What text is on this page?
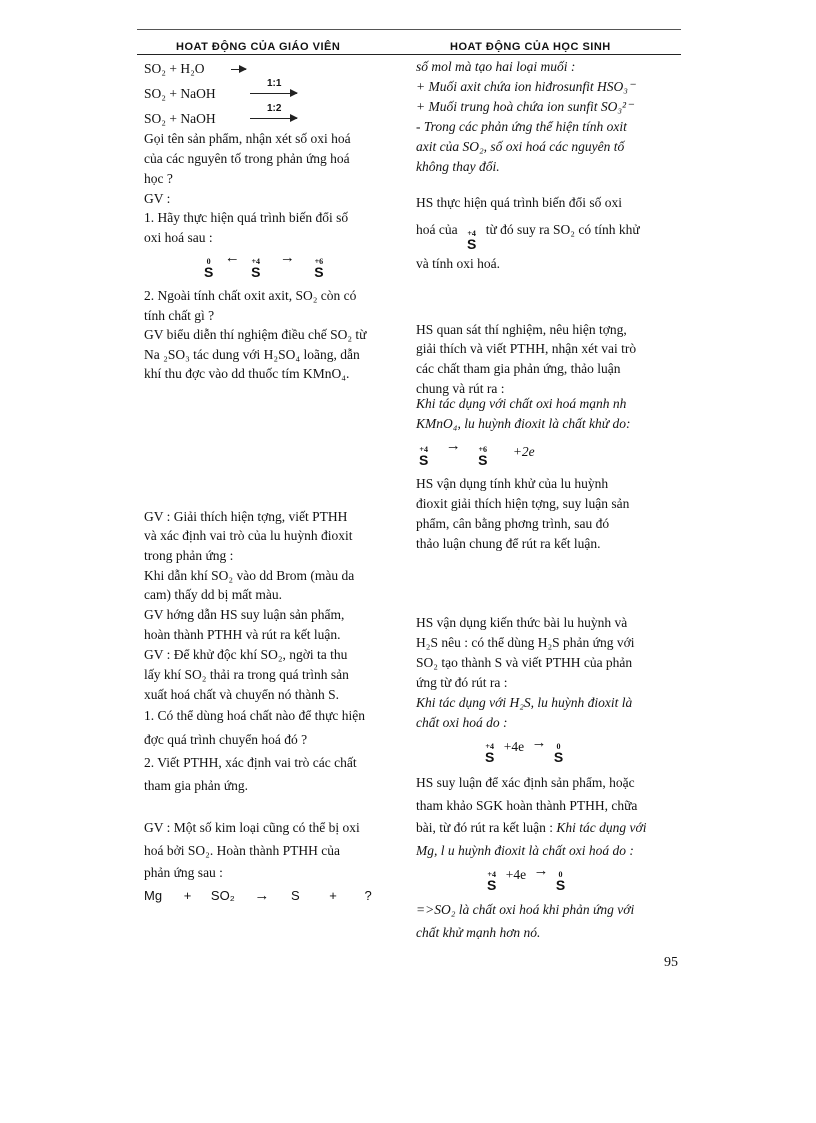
HOAT ĐỘNG CỦA GIÁO VIÊN	HOAT ĐỘNG CỦA HỌC SINH
SO₂ + H₂O
SO₂ + NaOH
1:1
SO₂ + NaOH
1:2
Gọi tên sản phẩm, nhận xét số oxi hoá
của các nguyên tố trong phản ứng hoá
học ?
GV :
1. Hãy thực hiện quá trình biến đổi số
oxi hoá sau :
0
S
← +4
S
→ +6
S
2. Ngoài tính chất oxit axit, SO₂ còn có
tính chất gì ?
GV biểu diễn thí nghiệm điều chế SO₂ từ
Na ₂SO₃ tác dung với H₂SO₄ loãng, dẫn
khí thu đợc vào dd thuốc tím KMnO₄.
GV : Giải thích hiện tợng, viết PTHH
và xác định vai trò của lu huỳnh đioxit
trong phản ứng :
Khi dẫn khí SO₂ vào dd Brom (màu da
cam) thấy dd bị mất màu.
GV hớng dẫn HS suy luận sản phẩm,
hoàn thành PTHH và rút ra kết luận.
GV : Để khử độc khí SO₂, ngời ta thu
lấy khí SO₂ thải ra trong quá trình sản
xuất hoá chất và chuyển nó thành S.
1. Có thể dùng hoá chất nào để thực hiện
đợc quá trình chuyển hoá đó ?
2. Viết PTHH, xác định vai trò các chất
tham gia phản ứng.
GV : Một số kim loại cũng có thể bị oxi
hoá bởi SO₂. Hoàn thành PTHH của
phản ứng sau :
Mg + SO₂ → S + ?
số mol mà tạo hai loại muối :
+ Muối axit chứa ion hiđrosunfit HSO₃⁻
+ Muối trung hoà chứa ion sunfit SO₃²⁻
- Trong các phản ứng thể hiện tính oxit
axit của SO₂, số oxi hoá các nguyên tố
không thay đổi.
HS thực hiện quá trình biến đổi số oxi
hoá của +4
S
từ đó suy ra SO₂ có tính khử
và tính oxi hoá.
HS quan sát thí nghiệm, nêu hiện tợng,
giải thích và viết PTHH, nhận xét vai trò
các chất tham gia phản ứng, thảo luận
chung và rút ra :
Khi tác dụng với chất oxi hoá mạnh nh
KMnO₄, lu huỳnh đioxit là chất khử do:
+4
S
→ +6
S
+2e
HS vận dụng tính khử của lu huỳnh
đioxit giải thích hiện tợng, suy luận sản
phẩm, cân bằng phơng trình, sau đó
thảo luận chung để rút ra kết luận.
HS vận dụng kiến thức bài lu huỳnh và
H₂S nêu : có thể dùng H₂S phản ứng với
SO₂ tạo thành S và viết PTHH của phản
ứng từ đó rút ra :
Khi tác dụng với H₂S, lu huỳnh đioxit là
chất oxi hoá do :
+4
S
+4e → 0
S
HS suy luận để xác định sản phẩm, hoặc
tham khảo SGK hoàn thành PTHH, chữa
bài, từ đó rút ra kết luận : Khi tác dụng với
Mg, l u huỳnh đioxit là chất oxi hoá do :
+4
S
+4e → 0
S
=>SO₂ là chất oxi hoá khi phản ứng với
chất khử mạnh hơn nó.
95
